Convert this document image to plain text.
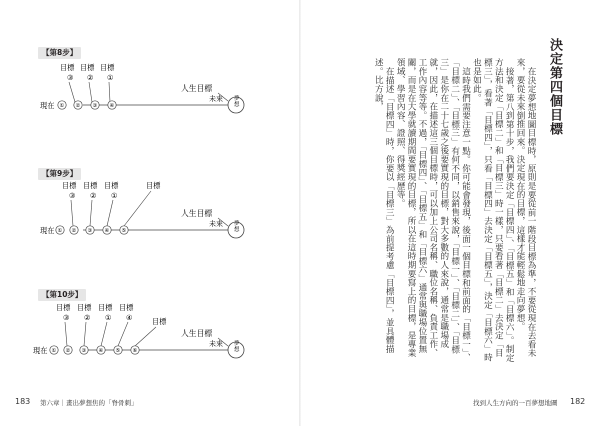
【第8步】
目標 目標 目標
③ ② ①
現在 ① ② ③ ④
人生目標
未來 夢想
【第9步】
目標 目標 目標	目標
③ ② ①
現在 ① ② ③ ④ ⑤
人生目標
未來 夢想
【第10步】
目標 目標 目標 目標
目標
③ ② ① ④
現在 ① ② ③ ④ ⑤ ⑥
人生目標
未來 夢想
183 第六章｜畫出夢想焦的「脊骨刺」
決定第四個目標

在決定夢想地圖目標時，原則是要從前一階段目標為準，不要從現在去看未來，要從未來倒推回來。決定現在的目標，這樣才能輕鬆地走向夢想。

接著，第八到第十步，我們要決定「目標四」、「目標五」和「目標六」。制定方法和決定「目標二」和「目標三」時一樣，只要看著「目標二」去決定「目標三」，看著「目標四」，只看「目標四」去決定「目標五」，決定「目標六」時也是如此。

這時我們需要注意一點。你可能會發現，後面一個目標和前面的「目標一」、「目標二」、「目標三」有何不同，以銷售來說，「目標一」、「目標二」、「目標三」是你在二十七歲之後要實現的目標，對大多數的人來說，通常是職場成就，因此，在描述這三個目標時，可以加上公司名稱、職位名稱、負責工作、工作內容等等。不過，「目標四」、「目標五」和「目標六」通常與職場位置無關，而是在大學就讀期間要實現的目標，所以在這時期要寫上的目標，是專業領域、學習內容、證照、得獎經歷等。

在描述「目標四」時，你要以「目標三」為前提考慮「目標四」，並具體描述。比方說，

找到人生方向的一百夢想地圖 182
